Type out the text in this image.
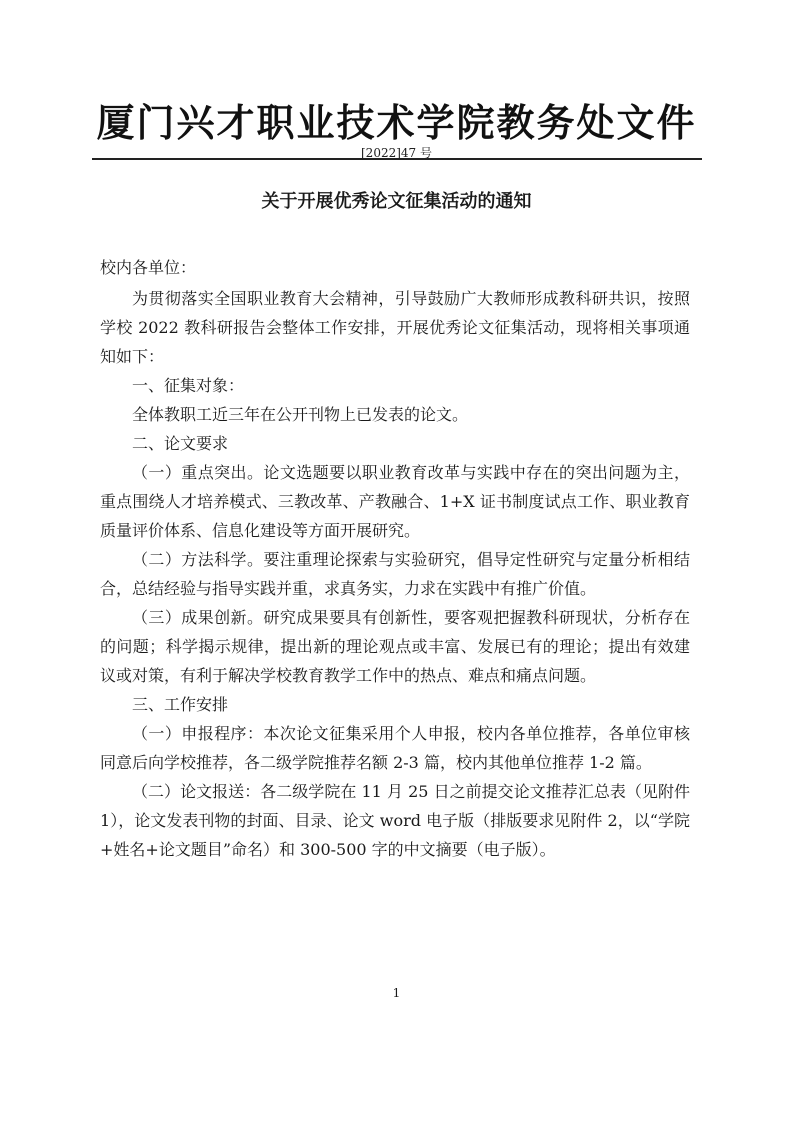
厦门兴才职业技术学院教务处文件
[2022]47 号
关于开展优秀论文征集活动的通知
校内各单位：

为贯彻落实全国职业教育大会精神，引导鼓励广大教师形成教科研共识，按照学校 2022 教科研报告会整体工作安排，开展优秀论文征集活动，现将相关事项通知如下：

一、征集对象：

全体教职工近三年在公开刊物上已发表的论文。

二、论文要求

（一）重点突出。论文选题要以职业教育改革与实践中存在的突出问题为主，重点围绕人才培养模式、三教改革、产教融合、1+X 证书制度试点工作、职业教育质量评价体系、信息化建设等方面开展研究。

（二）方法科学。要注重理论探索与实验研究，倡导定性研究与定量分析相结合，总结经验与指导实践并重，求真务实，力求在实践中有推广价值。

（三）成果创新。研究成果要具有创新性，要客观把握教科研现状，分析存在的问题；科学揭示规律，提出新的理论观点或丰富、发展已有的理论；提出有效建议或对策，有利于解决学校教育教学工作中的热点、难点和痛点问题。

三、工作安排

（一）申报程序：本次论文征集采用个人申报，校内各单位推荐，各单位审核同意后向学校推荐，各二级学院推荐名额 2-3 篇，校内其他单位推荐 1-2 篇。

（二）论文报送：各二级学院在 11 月 25 日之前提交论文推荐汇总表（见附件 1），论文发表刊物的封面、目录、论文 word 电子版（排版要求见附件 2，以“学院+姓名+论文题目”命名）和 300-500 字的中文摘要（电子版）。

1
